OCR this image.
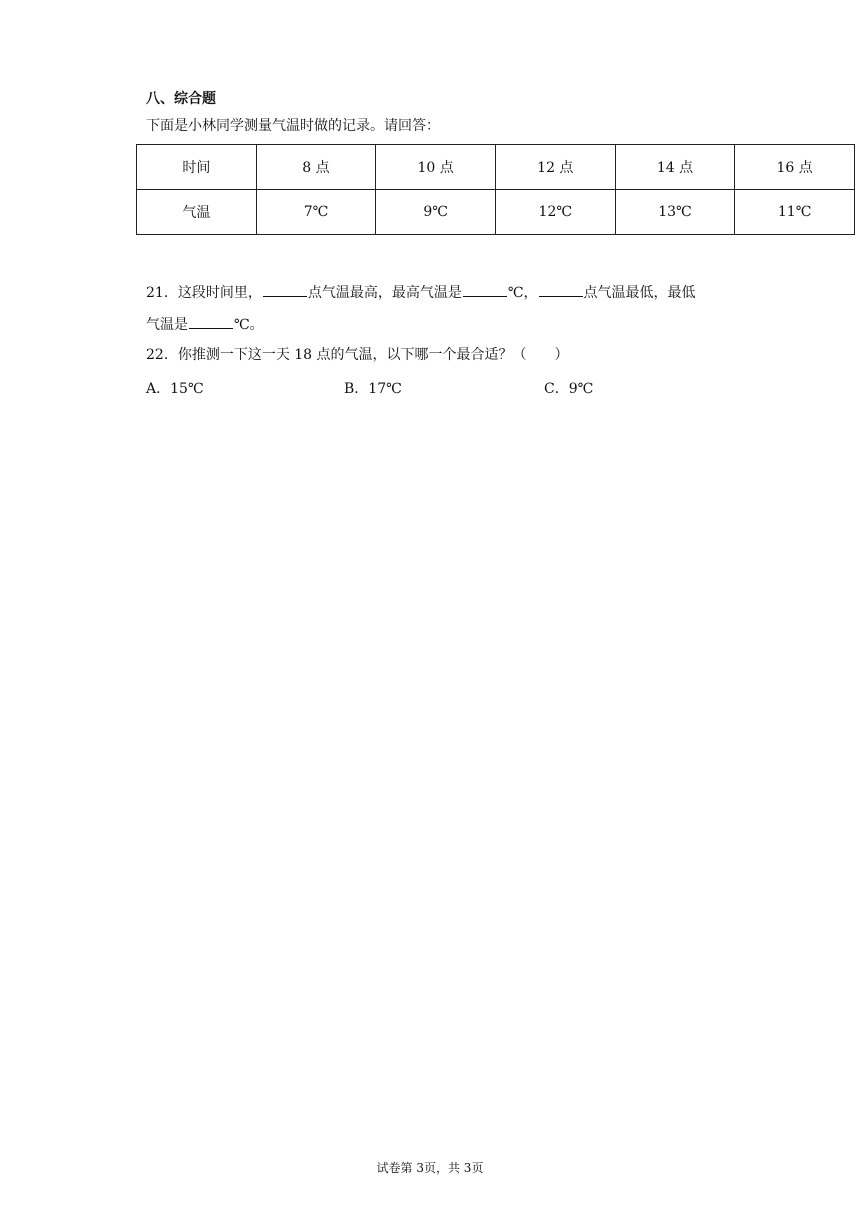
八、综合题
下面是小林同学测量气温时做的记录。请回答：
时间	8 点	10 点	12 点	14 点	16 点
气温	7℃	9℃	12℃	13℃	11℃
21．这段时间里，	点气温最高，最高气温是	℃，	点气温最低，最低
气温是	℃。
22．你推测一下这一天 18 点的气温，以下哪一个最合适？（　　）
A．15℃	B．17℃	C．9℃
试卷第 3页，共 3页
